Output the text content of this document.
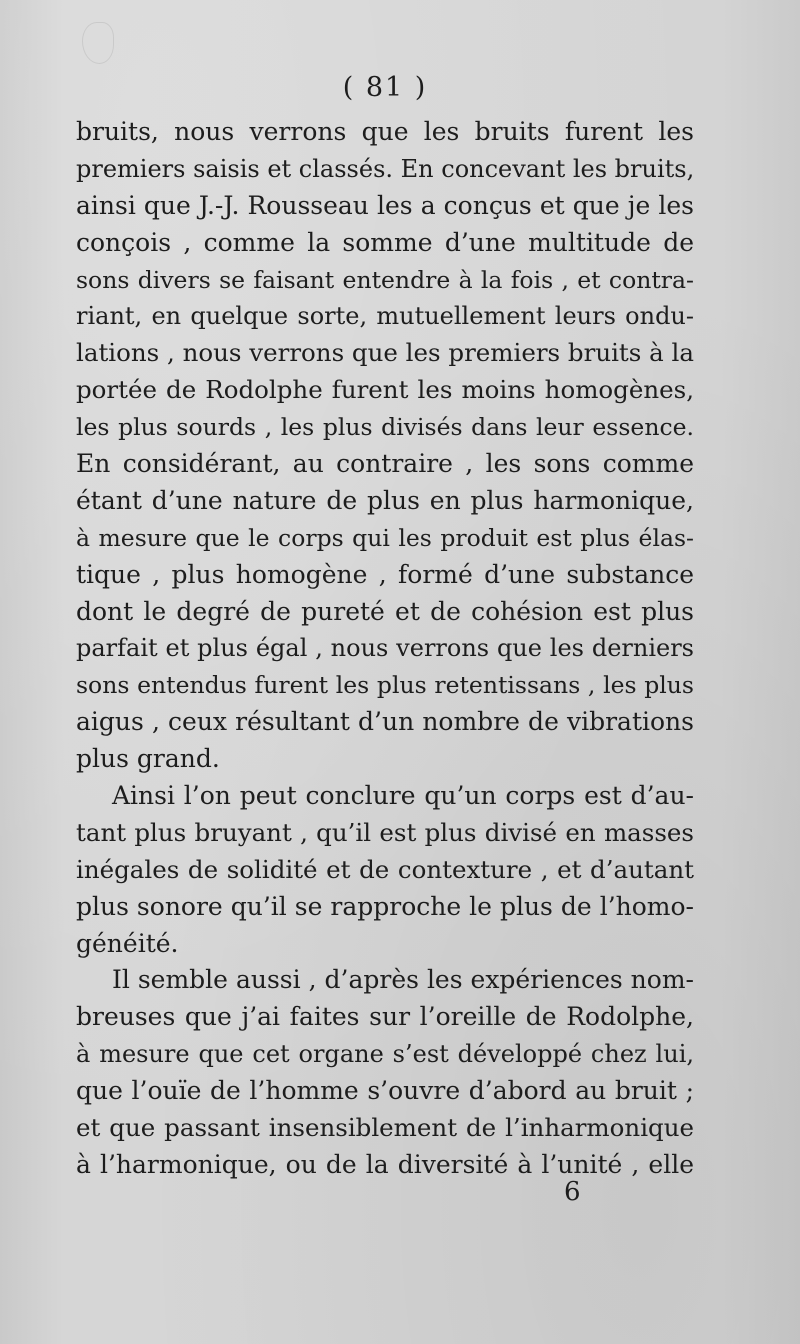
( 81 )
bruits, nous verrons que les bruits furent les
premiers saisis et classés. En concevant les bruits,
ainsi que J.-J. Rousseau les a conçus et que je les
conçois , comme la somme d’une multitude de
sons divers se faisant entendre à la fois , et contra-
riant, en quelque sorte, mutuellement leurs ondu-
lations , nous verrons que les premiers bruits à la
portée de Rodolphe furent les moins homogènes,
les plus sourds , les plus divisés dans leur essence.
En considérant, au contraire , les sons comme
étant d’une nature de plus en plus harmonique,
à mesure que le corps qui les produit est plus élas-
tique , plus homogène , formé d’une substance
dont le degré de pureté et de cohésion est plus
parfait et plus égal , nous verrons que les derniers
sons entendus furent les plus retentissans , les plus
aigus , ceux résultant d’un nombre de vibrations
plus grand.
Ainsi l’on peut conclure qu’un corps est d’au-
tant plus bruyant , qu’il est plus divisé en masses
inégales de solidité et de contexture , et d’autant
plus sonore qu’il se rapproche le plus de l’homo-
généité.
Il semble aussi , d’après les expériences nom-
breuses que j’ai faites sur l’oreille de Rodolphe,
à mesure que cet organe s’est développé chez lui,
que l’ouïe de l’homme s’ouvre d’abord au bruit ;
et que passant insensiblement de l’inharmonique
à l’harmonique, ou de la diversité à l’unité , elle
6
